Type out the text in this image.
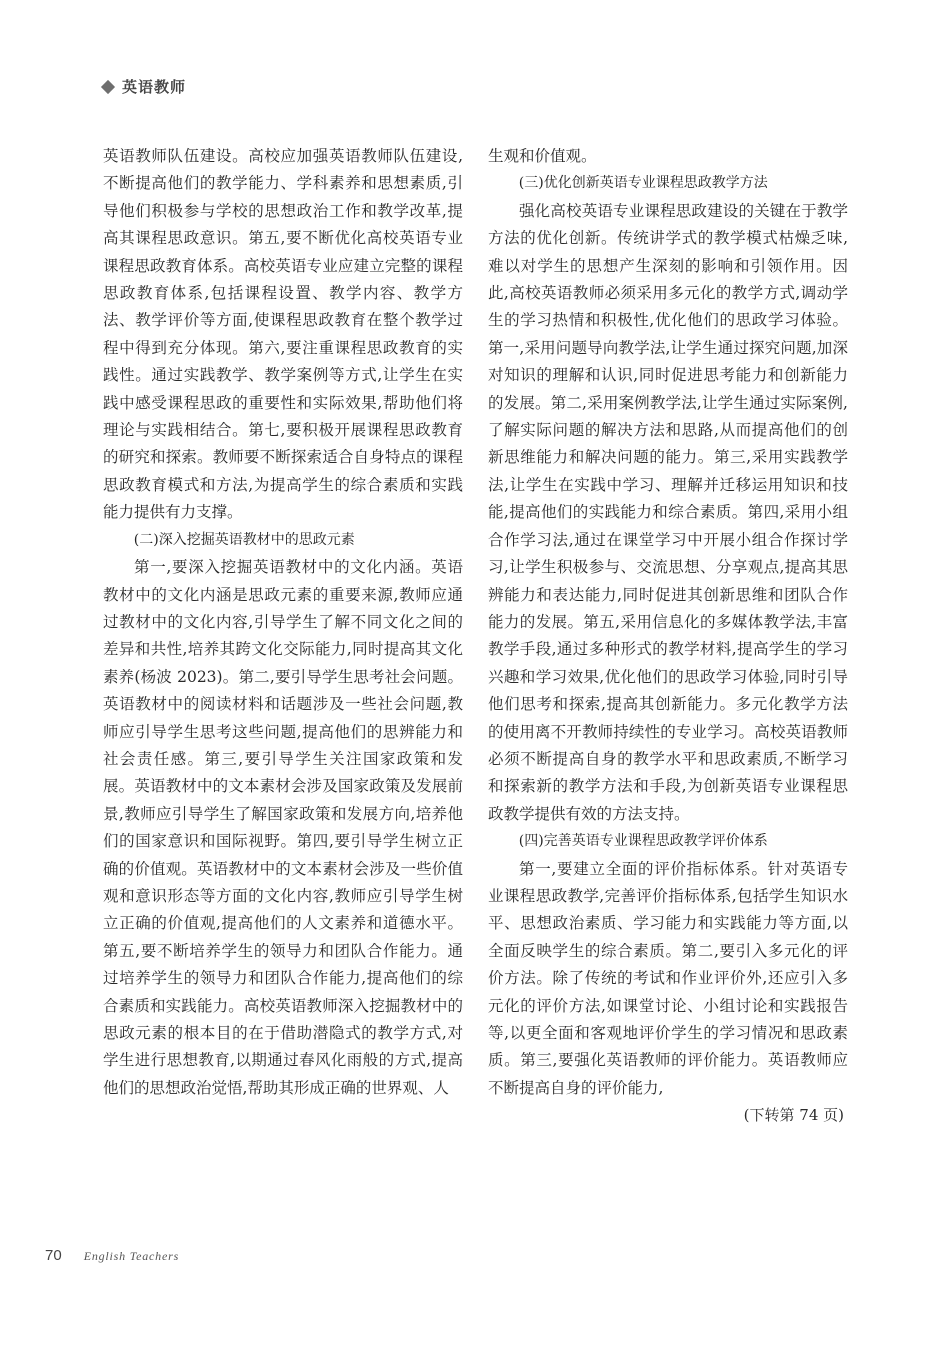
英语教师

英语教师队伍建设。高校应加强英语教师队伍建设,不断提高他们的教学能力、学科素养和思想素质,引导他们积极参与学校的思想政治工作和教学改革,提高其课程思政意识。第五,要不断优化高校英语专业课程思政教育体系。高校英语专业应建立完整的课程思政教育体系,包括课程设置、教学内容、教学方法、教学评价等方面,使课程思政教育在整个教学过程中得到充分体现。第六,要注重课程思政教育的实践性。通过实践教学、教学案例等方式,让学生在实践中感受课程思政的重要性和实际效果,帮助他们将理论与实践相结合。第七,要积极开展课程思政教育的研究和探索。教师要不断探索适合自身特点的课程思政教育模式和方法,为提高学生的综合素质和实践能力提供有力支撑。

(二)深入挖掘英语教材中的思政元素

第一,要深入挖掘英语教材中的文化内涵。英语教材中的文化内涵是思政元素的重要来源,教师应通过教材中的文化内容,引导学生了解不同文化之间的差异和共性,培养其跨文化交际能力,同时提高其文化素养(杨波 2023)。第二,要引导学生思考社会问题。英语教材中的阅读材料和话题涉及一些社会问题,教师应引导学生思考这些问题,提高他们的思辨能力和社会责任感。第三,要引导学生关注国家政策和发展。英语教材中的文本素材会涉及国家政策及发展前景,教师应引导学生了解国家政策和发展方向,培养他们的国家意识和国际视野。第四,要引导学生树立正确的价值观。英语教材中的文本素材会涉及一些价值观和意识形态等方面的文化内容,教师应引导学生树立正确的价值观,提高他们的人文素养和道德水平。第五,要不断培养学生的领导力和团队合作能力。通过培养学生的领导力和团队合作能力,提高他们的综合素质和实践能力。高校英语教师深入挖掘教材中的思政元素的根本目的在于借助潜隐式的教学方式,对学生进行思想教育,以期通过春风化雨般的方式,提高他们的思想政治觉悟,帮助其形成正确的世界观、人

生观和价值观。

(三)优化创新英语专业课程思政教学方法

强化高校英语专业课程思政建设的关键在于教学方法的优化创新。传统讲学式的教学模式枯燥乏味,难以对学生的思想产生深刻的影响和引领作用。因此,高校英语教师必须采用多元化的教学方式,调动学生的学习热情和积极性,优化他们的思政学习体验。第一,采用问题导向教学法,让学生通过探究问题,加深对知识的理解和认识,同时促进思考能力和创新能力的发展。第二,采用案例教学法,让学生通过实际案例,了解实际问题的解决方法和思路,从而提高他们的创新思维能力和解决问题的能力。第三,采用实践教学法,让学生在实践中学习、理解并迁移运用知识和技能,提高他们的实践能力和综合素质。第四,采用小组合作学习法,通过在课堂学习中开展小组合作探讨学习,让学生积极参与、交流思想、分享观点,提高其思辨能力和表达能力,同时促进其创新思维和团队合作能力的发展。第五,采用信息化的多媒体教学法,丰富教学手段,通过多种形式的教学材料,提高学生的学习兴趣和学习效果,优化他们的思政学习体验,同时引导他们思考和探索,提高其创新能力。多元化教学方法的使用离不开教师持续性的专业学习。高校英语教师必须不断提高自身的教学水平和思政素质,不断学习和探索新的教学方法和手段,为创新英语专业课程思政教学提供有效的方法支持。

(四)完善英语专业课程思政教学评价体系

第一,要建立全面的评价指标体系。针对英语专业课程思政教学,完善评价指标体系,包括学生知识水平、思想政治素质、学习能力和实践能力等方面,以全面反映学生的综合素质。第二,要引入多元化的评价方法。除了传统的考试和作业评价外,还应引入多元化的评价方法,如课堂讨论、小组讨论和实践报告等,以更全面和客观地评价学生的学习情况和思政素质。第三,要强化英语教师的评价能力。英语教师应不断提高自身的评价能力,

(下转第 74 页)
70 English Teachers
